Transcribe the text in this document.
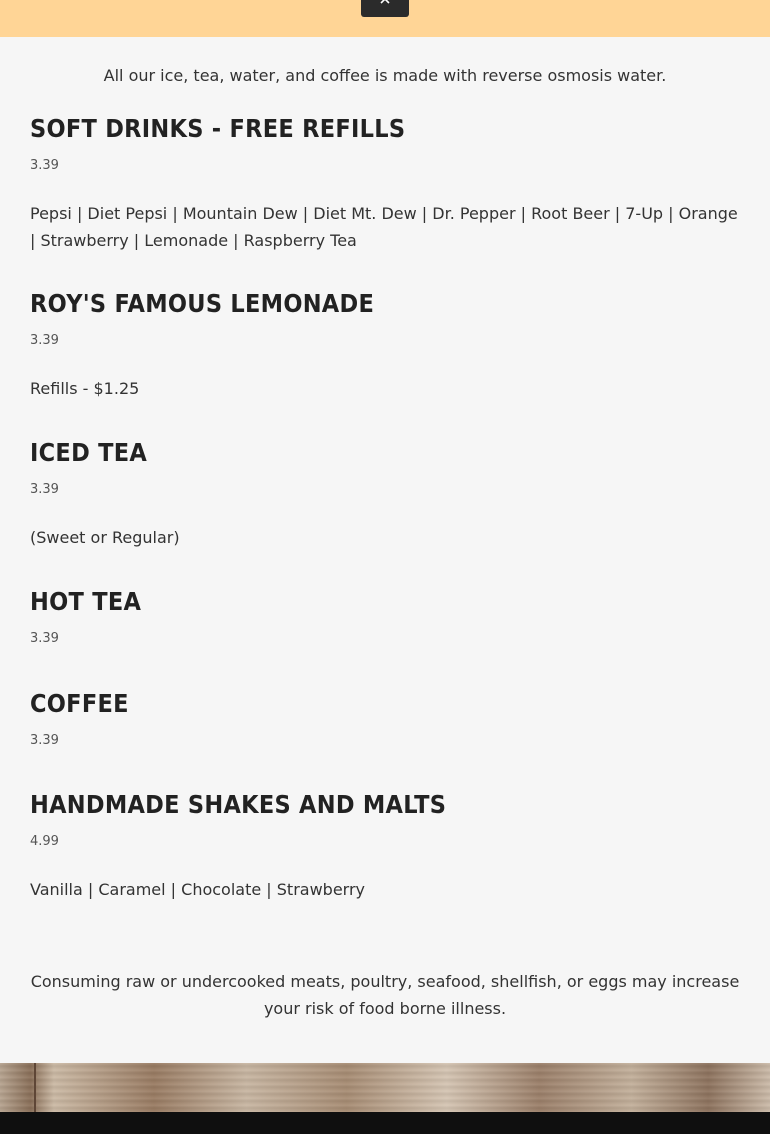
All our ice, tea, water, and coffee is made with reverse osmosis water.
SOFT DRINKS - FREE REFILLS
3.39
Pepsi | Diet Pepsi | Mountain Dew | Diet Mt. Dew | Dr. Pepper | Root Beer | 7-Up | Orange | Strawberry | Lemonade | Raspberry Tea
ROY'S FAMOUS LEMONADE
3.39
Refills - $1.25
ICED TEA
3.39
(Sweet or Regular)
HOT TEA
3.39
COFFEE
3.39
HANDMADE SHAKES AND MALTS
4.99
Vanilla | Caramel | Chocolate | Strawberry
Consuming raw or undercooked meats, poultry, seafood, shellfish, or eggs may increase your risk of food borne illness.
